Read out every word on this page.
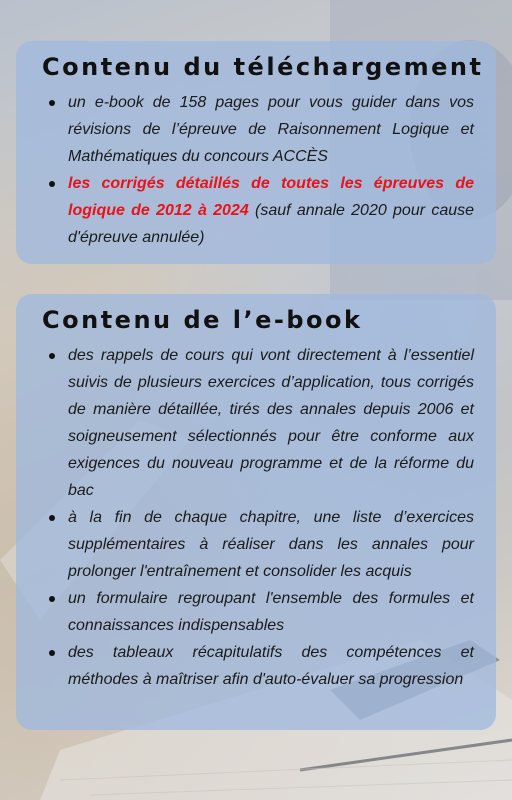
Contenu du téléchargement
un e-book de 158 pages pour vous guider dans vos révisions de l’épreuve de Raisonnement Logique et Mathématiques du concours ACCÈS
les corrigés détaillés de toutes les épreuves de logique de 2012 à 2024 (sauf annale 2020 pour cause d'épreuve annulée)
Contenu de l’e-book
des rappels de cours qui vont directement à l’essentiel suivis de plusieurs exercices d’application, tous corrigés de manière détaillée, tirés des annales depuis 2006 et soigneusement sélectionnés pour être conforme aux exigences du nouveau programme et de la réforme du bac
à la fin de chaque chapitre, une liste d’exercices supplémentaires à réaliser dans les annales pour prolonger l'entraînement et consolider les acquis
un formulaire regroupant l'ensemble des formules et connaissances indispensables
des tableaux récapitulatifs des compétences et méthodes à maîtriser afin d'auto-évaluer sa progression
